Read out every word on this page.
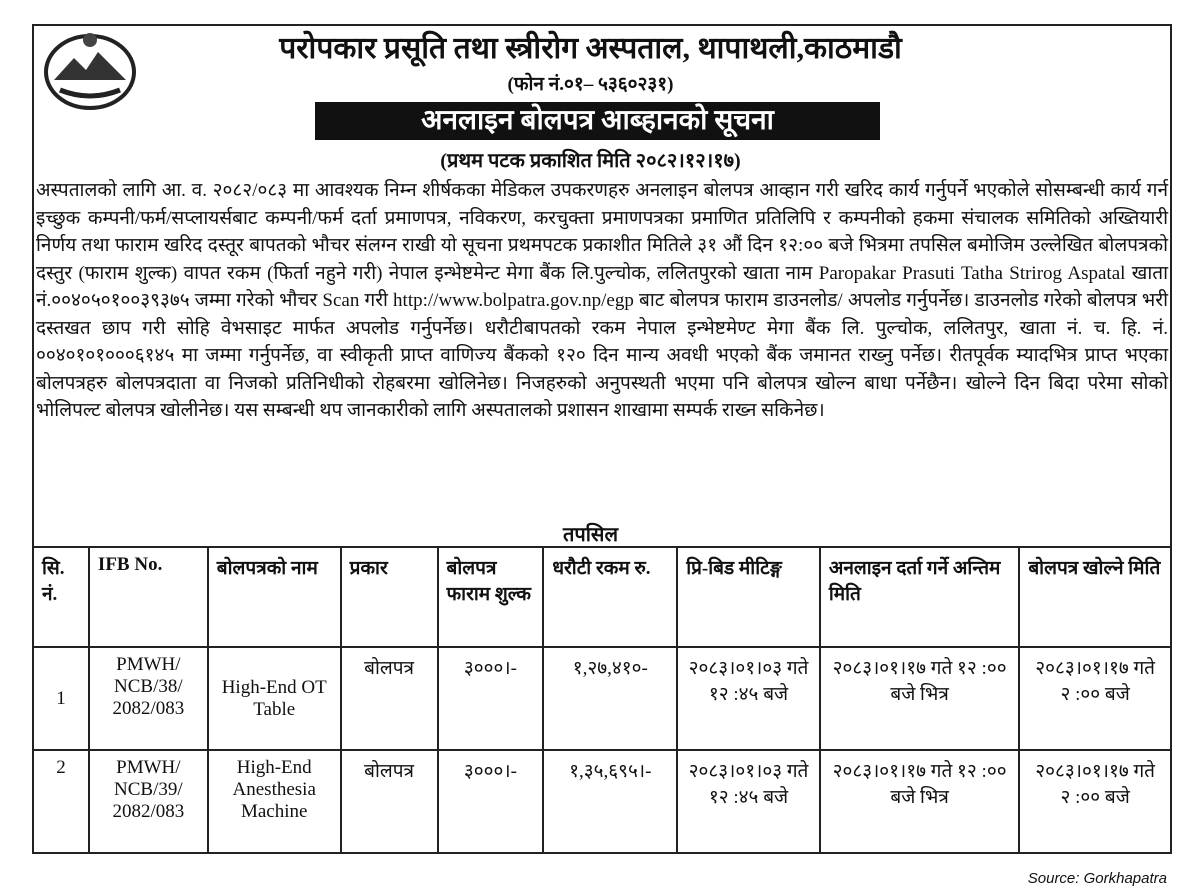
परोपकार प्रसूति तथा स्त्रीरोग अस्पताल, थापाथली,काठमाडौ
(फोन नं.०१– ५३६०२३१)
अनलाइन बोलपत्र आब्हानको सूचना
(प्रथम पटक प्रकाशित मिति २०८२।१२।१७)
अस्पतालको लागि आ. व. २०८२/०८३ मा आवश्यक निम्न शीर्षकका मेडिकल उपकरणहरु अनलाइन बोलपत्र आव्हान गरी खरिद कार्य गर्नुपर्ने भएकोले सोसम्बन्धी कार्य गर्न इच्छुक कम्पनी/फर्म/सप्लायर्सबाट कम्पनी/फर्म दर्ता प्रमाणपत्र, नविकरण, करचुक्ता प्रमाणपत्रका प्रमाणित प्रतिलिपि र कम्पनीको हकमा संचालक समितिको अख्तियारी निर्णय तथा फाराम खरिद दस्तूर बापतको भौचर संलग्न राखी यो सूचना प्रथमपटक प्रकाशीत मितिले ३१ औं दिन १२:०० बजे भित्रमा तपसिल बमोजिम उल्लेखित बोलपत्रको दस्तुर (फाराम शुल्क) वापत रकम (फिर्ता नहुने गरी) नेपाल इन्भेष्टमेन्ट मेगा बैंक लि.पुल्चोक, ललितपुरको खाता नाम Paropakar Prasuti Tatha Strirog Aspatal खाता नं.००४०५०१००३९३७५ जम्मा गरेको भौचर Scan गरी http://www.bolpatra.gov.np/egp बाट बोलपत्र फाराम डाउनलोड/ अपलोड गर्नुपर्नेछ। डाउनलोड गरेको बोलपत्र भरी दस्तखत छाप गरी सोहि वेभसाइट मार्फत अपलोड गर्नुपर्नेछ। धरौटीबापतको रकम नेपाल इन्भेष्टमेण्ट मेगा बैंक लि. पुल्चोक, ललितपुर, खाता नं. च. हि. नं. ००४०१०१०००६१४५ मा जम्मा गर्नुपर्नेछ, वा स्वीकृती प्राप्त वाणिज्य बैंकको १२० दिन मान्य अवधी भएको बैंक जमानत राख्नु पर्नेछ। रीतपूर्वक म्यादभित्र प्राप्त भएका बोलपत्रहरु बोलपत्रदाता वा निजको प्रतिनिधीको रोहबरमा खोलिनेछ। निजहरुको अनुपस्थती भएमा पनि बोलपत्र खोल्न बाधा पर्नेछैन। खोल्ने दिन बिदा परेमा सोको भोलिपल्ट बोलपत्र खोलीनेछ। यस सम्बन्धी थप जानकारीको लागि अस्पतालको प्रशासन शाखामा सम्पर्क राख्न सकिनेछ।
तपसिल
सि. नं.	IFB No.	बोलपत्रको नाम	प्रकार	बोलपत्र फाराम शुल्क	धरौटी रकम रु.	प्रि-बिड मीटिङ्ग	अनलाइन दर्ता गर्ने अन्तिम मिति	बोलपत्र खोल्ने मिति
1	PMWH/ NCB/38/ 2082/083	High-End OT Table	बोलपत्र	३०००।-	१,२७,४१०-	२०८३।०१।०३ गते १२ :४५ बजे	२०८३।०१।१७ गते १२ :०० बजे भित्र	२०८३।०१।१७ गते २ :०० बजे
2	PMWH/ NCB/39/ 2082/083	High-End Anesthesia Machine	बोलपत्र	३०००।-	१,३५,६९५।-	२०८३।०१।०३ गते १२ :४५ बजे	२०८३।०१।१७ गते १२ :०० बजे भित्र	२०८३।०१।१७ गते २ :०० बजे
Source: Gorkhapatra
